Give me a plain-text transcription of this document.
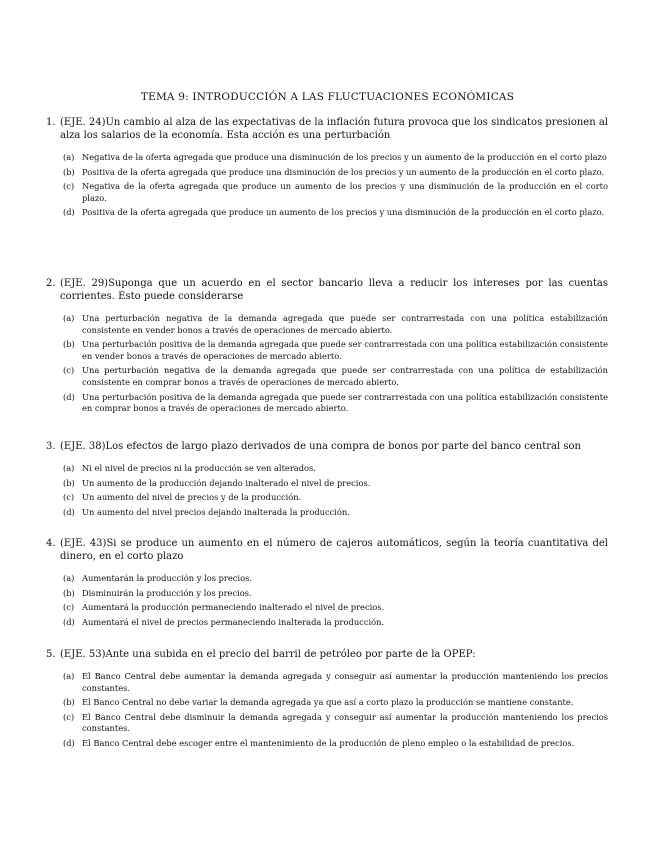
TEMA 9: INTRODUCCIÓN A LAS FLUCTUACIONES ECONÓMICAS
1. (EJE. 24)Un cambio al alza de las expectativas de la inflación futura provoca que los sindicatos presionen al alza los salarios de la economía. Esta acción es una perturbación
(a) Negativa de la oferta agregada que produce una disminución de los precios y un aumento de la producción en el corto plazo
(b) Positiva de la oferta agregada que produce una disminución de los precios y un aumento de la producción en el corto plazo.
(c) Negativa de la oferta agregada que produce un aumento de los precios y una disminución de la producción en el corto plazo.
(d) Positiva de la oferta agregada que produce un aumento de los precios y una disminución de la producción en el corto plazo.
2. (EJE. 29)Suponga que un acuerdo en el sector bancario lleva a reducir los intereses por las cuentas corrientes. Esto puede considerarse
(a) Una perturbación negativa de la demanda agregada que puede ser contrarrestada con una política estabilización consistente en vender bonos a través de operaciones de mercado abierto.
(b) Una perturbación positiva de la demanda agregada que puede ser contrarrestada con una política estabilización consistente en vender bonos a través de operaciones de mercado abierto.
(c) Una perturbación negativa de la demanda agregada que puede ser contrarrestada con una política de estabilización consistente en comprar bonos a través de operaciones de mercado abierto.
(d) Una perturbación positiva de la demanda agregada que puede ser contrarrestada con una política estabilización consistente en comprar bonos a través de operaciones de mercado abierto.
3. (EJE. 38)Los efectos de largo plazo derivados de una compra de bonos por parte del banco central son
(a) Ni el nivel de precios ni la producción se ven alterados.
(b) Un aumento de la producción dejando inalterado el nivel de precios.
(c) Un aumento del nivel de precios y de la producción.
(d) Un aumento del nivel precios dejando inalterada la producción.
4. (EJE. 43)Si se produce un aumento en el número de cajeros automáticos, según la teoría cuantitativa del dinero, en el corto plazo
(a) Aumentarán la producción y los precios.
(b) Disminuirán la producción y los precios.
(c) Aumentará la producción permaneciendo inalterado el nivel de precios.
(d) Aumentará el nivel de precios permaneciendo inalterada la producción.
5. (EJE. 53)Ante una subida en el precio del barril de petróleo por parte de la OPEP:
(a) El Banco Central debe aumentar la demanda agregada y conseguir así aumentar la producción manteniendo los precios constantes.
(b) El Banco Central no debe variar la demanda agregada ya que así a corto plazo la producción se mantiene constante.
(c) El Banco Central debe disminuir la demanda agregada y conseguir así aumentar la producción manteniendo los precios constantes.
(d) El Banco Central debe escoger entre el mantenimiento de la producción de pleno empleo o la estabilidad de precios.
